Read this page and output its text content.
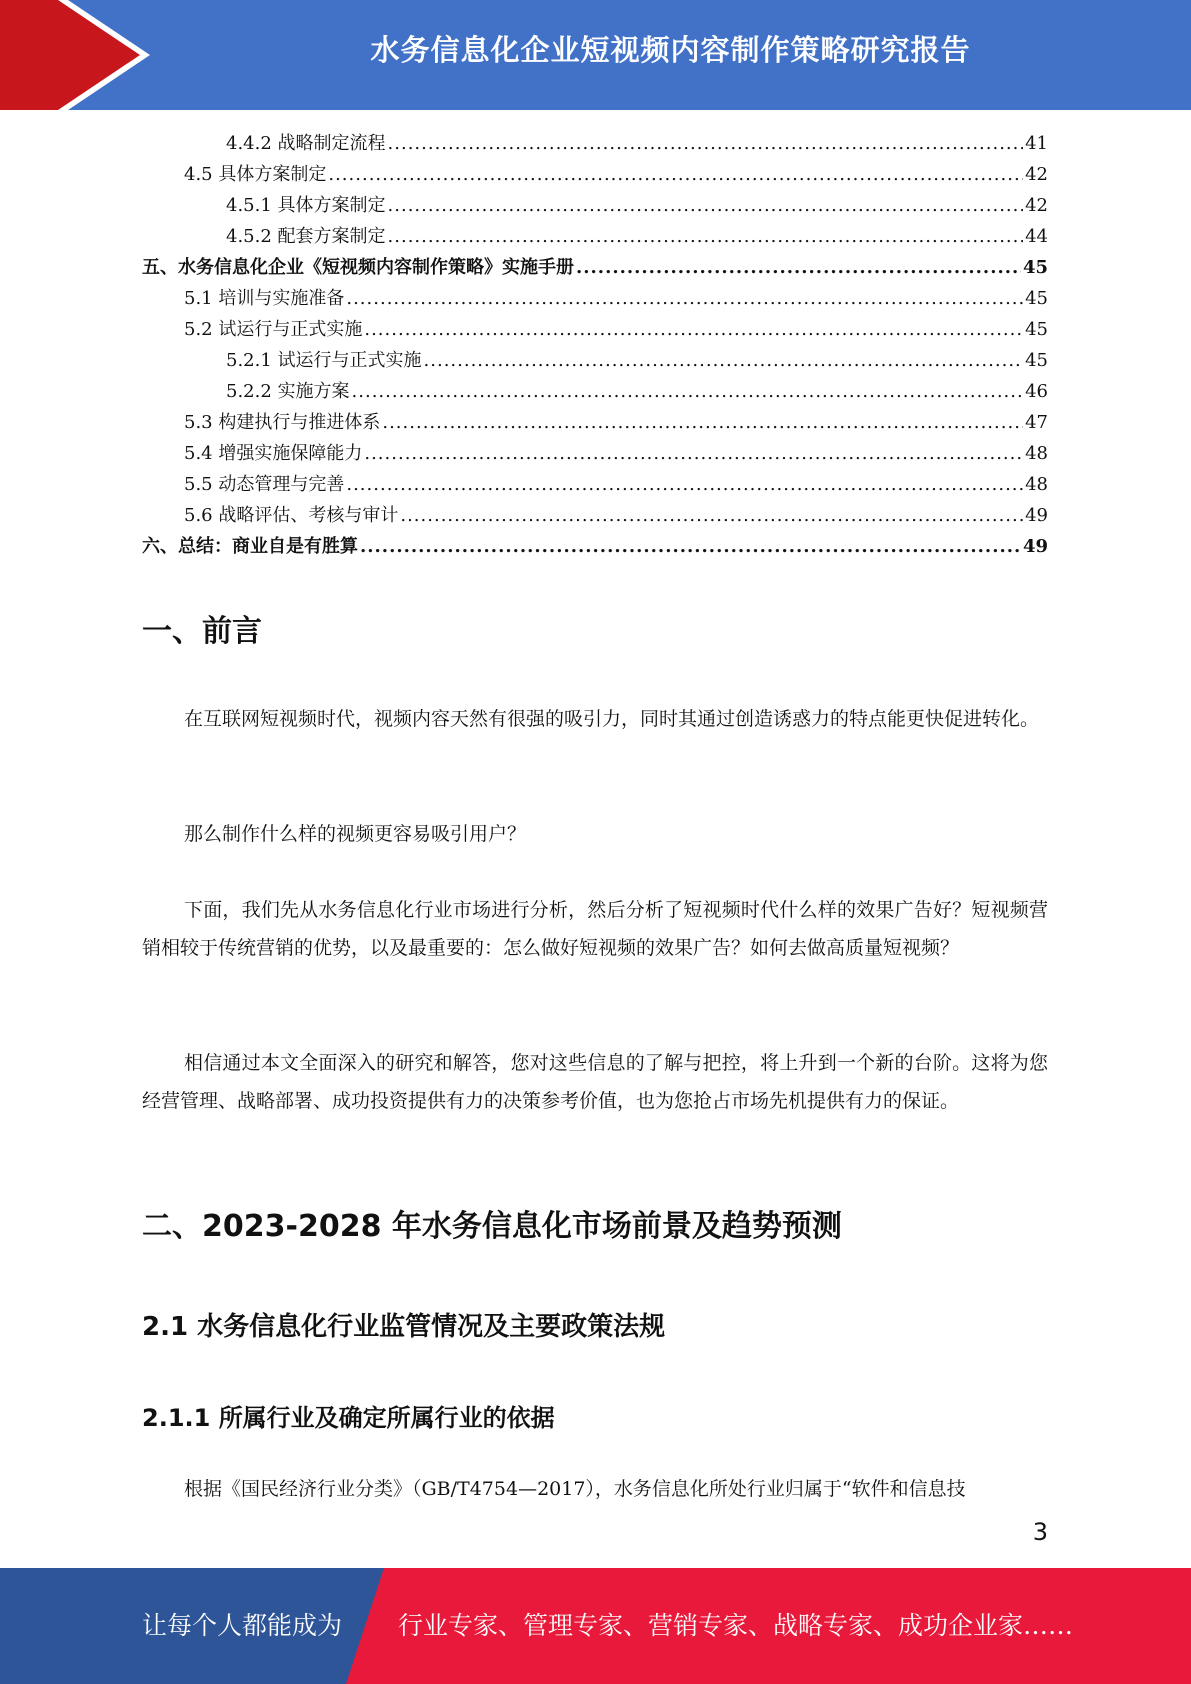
水务信息化企业短视频内容制作策略研究报告
4.4.2 战略制定流程 .....	41
4.5 具体方案制定 .....	42
4.5.1 具体方案制定 .....	42
4.5.2 配套方案制定 .....	44
五、水务信息化企业《短视频内容制作策略》实施手册 .....	45
5.1 培训与实施准备 .....	45
5.2 试运行与正式实施 .....	45
5.2.1 试运行与正式实施 .....	45
5.2.2 实施方案 .....	46
5.3 构建执行与推进体系 .....	47
5.4 增强实施保障能力 .....	48
5.5 动态管理与完善 .....	48
5.6 战略评估、考核与审计 .....	49
六、总结：商业自是有胜算 .....	49
一、前言

在互联网短视频时代，视频内容天然有很强的吸引力，同时其通过创造诱惑力的特点能更快促进转化。

那么制作什么样的视频更容易吸引用户？

下面，我们先从水务信息化行业市场进行分析，然后分析了短视频时代什么样的效果广告好？短视频营销相较于传统营销的优势，以及最重要的：怎么做好短视频的效果广告？如何去做高质量短视频？

相信通过本文全面深入的研究和解答，您对这些信息的了解与把控，将上升到一个新的台阶。这将为您经营管理、战略部署、成功投资提供有力的决策参考价值，也为您抢占市场先机提供有力的保证。

二、2023-2028 年水务信息化市场前景及趋势预测
2.1 水务信息化行业监管情况及主要政策法规
2.1.1 所属行业及确定所属行业的依据

根据《国民经济行业分类》（GB/T4754—2017），水务信息化所处行业归属于“软件和信息技

3
让每个人都能成为 行业专家、管理专家、营销专家、战略专家、成功企业家……
